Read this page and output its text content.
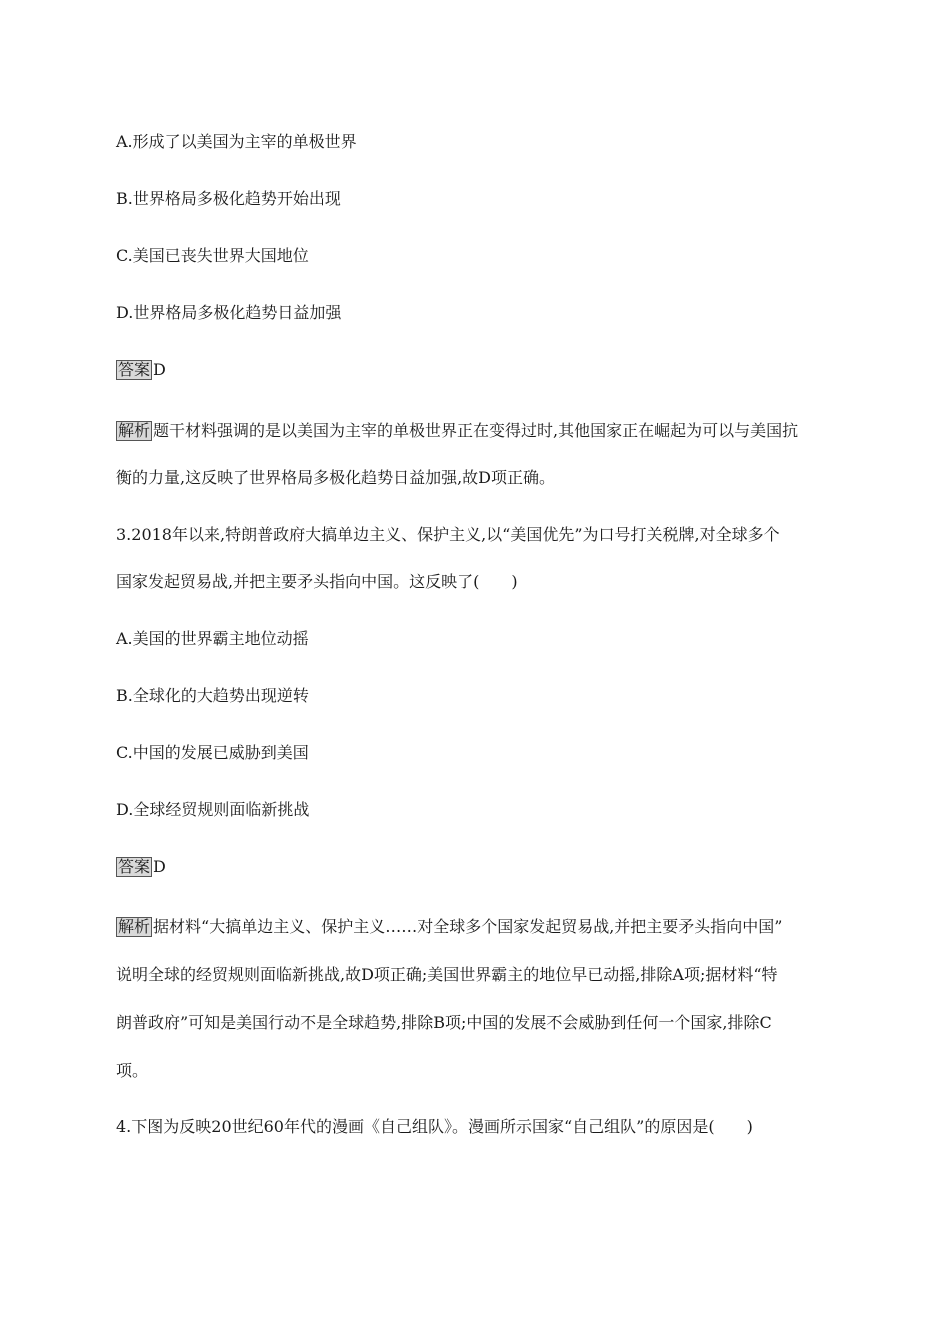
A.形成了以美国为主宰的单极世界
B.世界格局多极化趋势开始出现
C.美国已丧失世界大国地位
D.世界格局多极化趋势日益加强
答案 D
解析 题干材料强调的是以美国为主宰的单极世界正在变得过时,其他国家正在崛起为可以与美国抗
衡的力量,这反映了世界格局多极化趋势日益加强,故D项正确。
3.2018年以来,特朗普政府大搞单边主义、保护主义,以“美国优先”为口号打关税牌,对全球多个
国家发起贸易战,并把主要矛头指向中国。这反映了(　　)
A.美国的世界霸主地位动摇
B.全球化的大趋势出现逆转
C.中国的发展已威胁到美国
D.全球经贸规则面临新挑战
答案 D
解析 据材料“大搞单边主义、保护主义……对全球多个国家发起贸易战,并把主要矛头指向中国”
说明全球的经贸规则面临新挑战,故D项正确;美国世界霸主的地位早已动摇,排除A项;据材料“特
朗普政府”可知是美国行动不是全球趋势,排除B项;中国的发展不会威胁到任何一个国家,排除C
项。
4.下图为反映20世纪60年代的漫画《自己组队》。漫画所示国家“自己组队”的原因是(　　)
